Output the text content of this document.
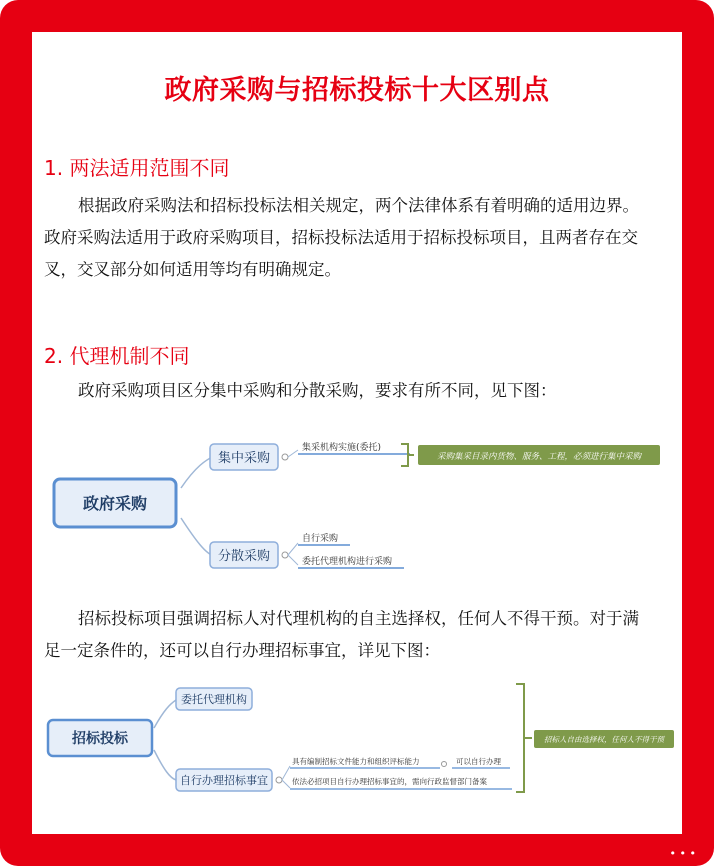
政府采购与招标投标十大区别点
1. 两法适用范围不同
根据政府采购法和招标投标法相关规定，两个法律体系有着明确的适用边界。
政府采购法适用于政府采购项目，招标投标法适用于招标投标项目，且两者存在交
叉，交叉部分如何适用等均有明确规定。
2. 代理机制不同
政府采购项目区分集中采购和分散采购，要求有所不同，见下图：
政府采购
集中采购
集采机构实施(委托)
采购集采目录内货物、服务、工程，必须进行集中采购
分散采购
自行采购
委托代理机构进行采购
招标投标项目强调招标人对代理机构的自主选择权，任何人不得干预。对于满
足一定条件的，还可以自行办理招标事宜，详见下图：
招标投标
委托代理机构
自行办理招标事宜
具有编制招标文件能力和组织评标能力	可以自行办理
依法必招项目自行办理招标事宜的，需向行政监督部门备案
招标人自由选择权，任何人不得干预
• • •
